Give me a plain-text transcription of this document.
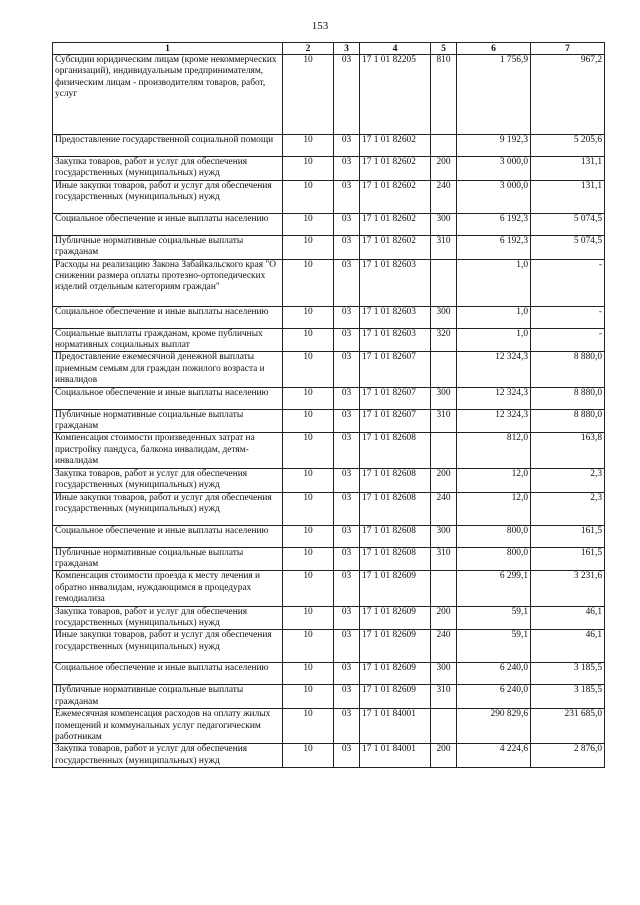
153
1	2	3	4	5	6	7
Субсидии юридическим лицам (кроме некоммерческих организаций), индивидуальным предпринимателям, физическим лицам - производителям товаров, работ, услуг	10	03	17 1 01 82205	810	1 756,9	967,2
Предоставление государственной социальной помощи	10	03	17 1 01 82602		9 192,3	5 205,6
Закупка товаров, работ и услуг для обеспечения государственных (муниципальных) нужд	10	03	17 1 01 82602	200	3 000,0	131,1
Иные закупки товаров, работ и услуг для обеспечения государственных (муниципальных) нужд	10	03	17 1 01 82602	240	3 000,0	131,1
Социальное обеспечение и иные выплаты населению	10	03	17 1 01 82602	300	6 192,3	5 074,5
Публичные нормативные социальные выплаты гражданам	10	03	17 1 01 82602	310	6 192,3	5 074,5
Расходы на реализацию Закона Забайкальского края "О снижении размера оплаты протезно-ортопедических изделий отдельным категориям граждан"	10	03	17 1 01 82603		1,0	-
Социальное обеспечение и иные выплаты населению	10	03	17 1 01 82603	300	1,0	-
Социальные выплаты гражданам, кроме публичных нормативных социальных выплат	10	03	17 1 01 82603	320	1,0	-
Предоставление ежемесячной денежной выплаты приемным семьям для граждан пожилого возраста и инвалидов	10	03	17 1 01 82607		12 324,3	8 880,0
Социальное обеспечение и иные выплаты населению	10	03	17 1 01 82607	300	12 324,3	8 880,0
Публичные нормативные социальные выплаты гражданам	10	03	17 1 01 82607	310	12 324,3	8 880,0
Компенсация стоимости произведенных затрат на пристройку пандуса, балкона инвалидам, детям-инвалидам	10	03	17 1 01 82608		812,0	163,8
Закупка товаров, работ и услуг для обеспечения государственных (муниципальных) нужд	10	03	17 1 01 82608	200	12,0	2,3
Иные закупки товаров, работ и услуг для обеспечения государственных (муниципальных) нужд	10	03	17 1 01 82608	240	12,0	2,3
Социальное обеспечение и иные выплаты населению	10	03	17 1 01 82608	300	800,0	161,5
Публичные нормативные социальные выплаты гражданам	10	03	17 1 01 82608	310	800,0	161,5
Компенсация стоимости проезда к месту лечения и обратно инвалидам, нуждающимся в процедурах гемодиализа	10	03	17 1 01 82609		6 299,1	3 231,6
Закупка товаров, работ и услуг для обеспечения государственных (муниципальных) нужд	10	03	17 1 01 82609	200	59,1	46,1
Иные закупки товаров, работ и услуг для обеспечения государственных (муниципальных) нужд	10	03	17 1 01 82609	240	59,1	46,1
Социальное обеспечение и иные выплаты населению	10	03	17 1 01 82609	300	6 240,0	3 185,5
Публичные нормативные социальные выплаты гражданам	10	03	17 1 01 82609	310	6 240,0	3 185,5
Ежемесячная компенсация расходов на оплату жилых помещений и коммунальных услуг педагогическим работникам	10	03	17 1 01 84001		290 829,6	231 685,0
Закупка товаров, работ и услуг для обеспечения государственных (муниципальных) нужд	10	03	17 1 01 84001	200	4 224,6	2 876,0
